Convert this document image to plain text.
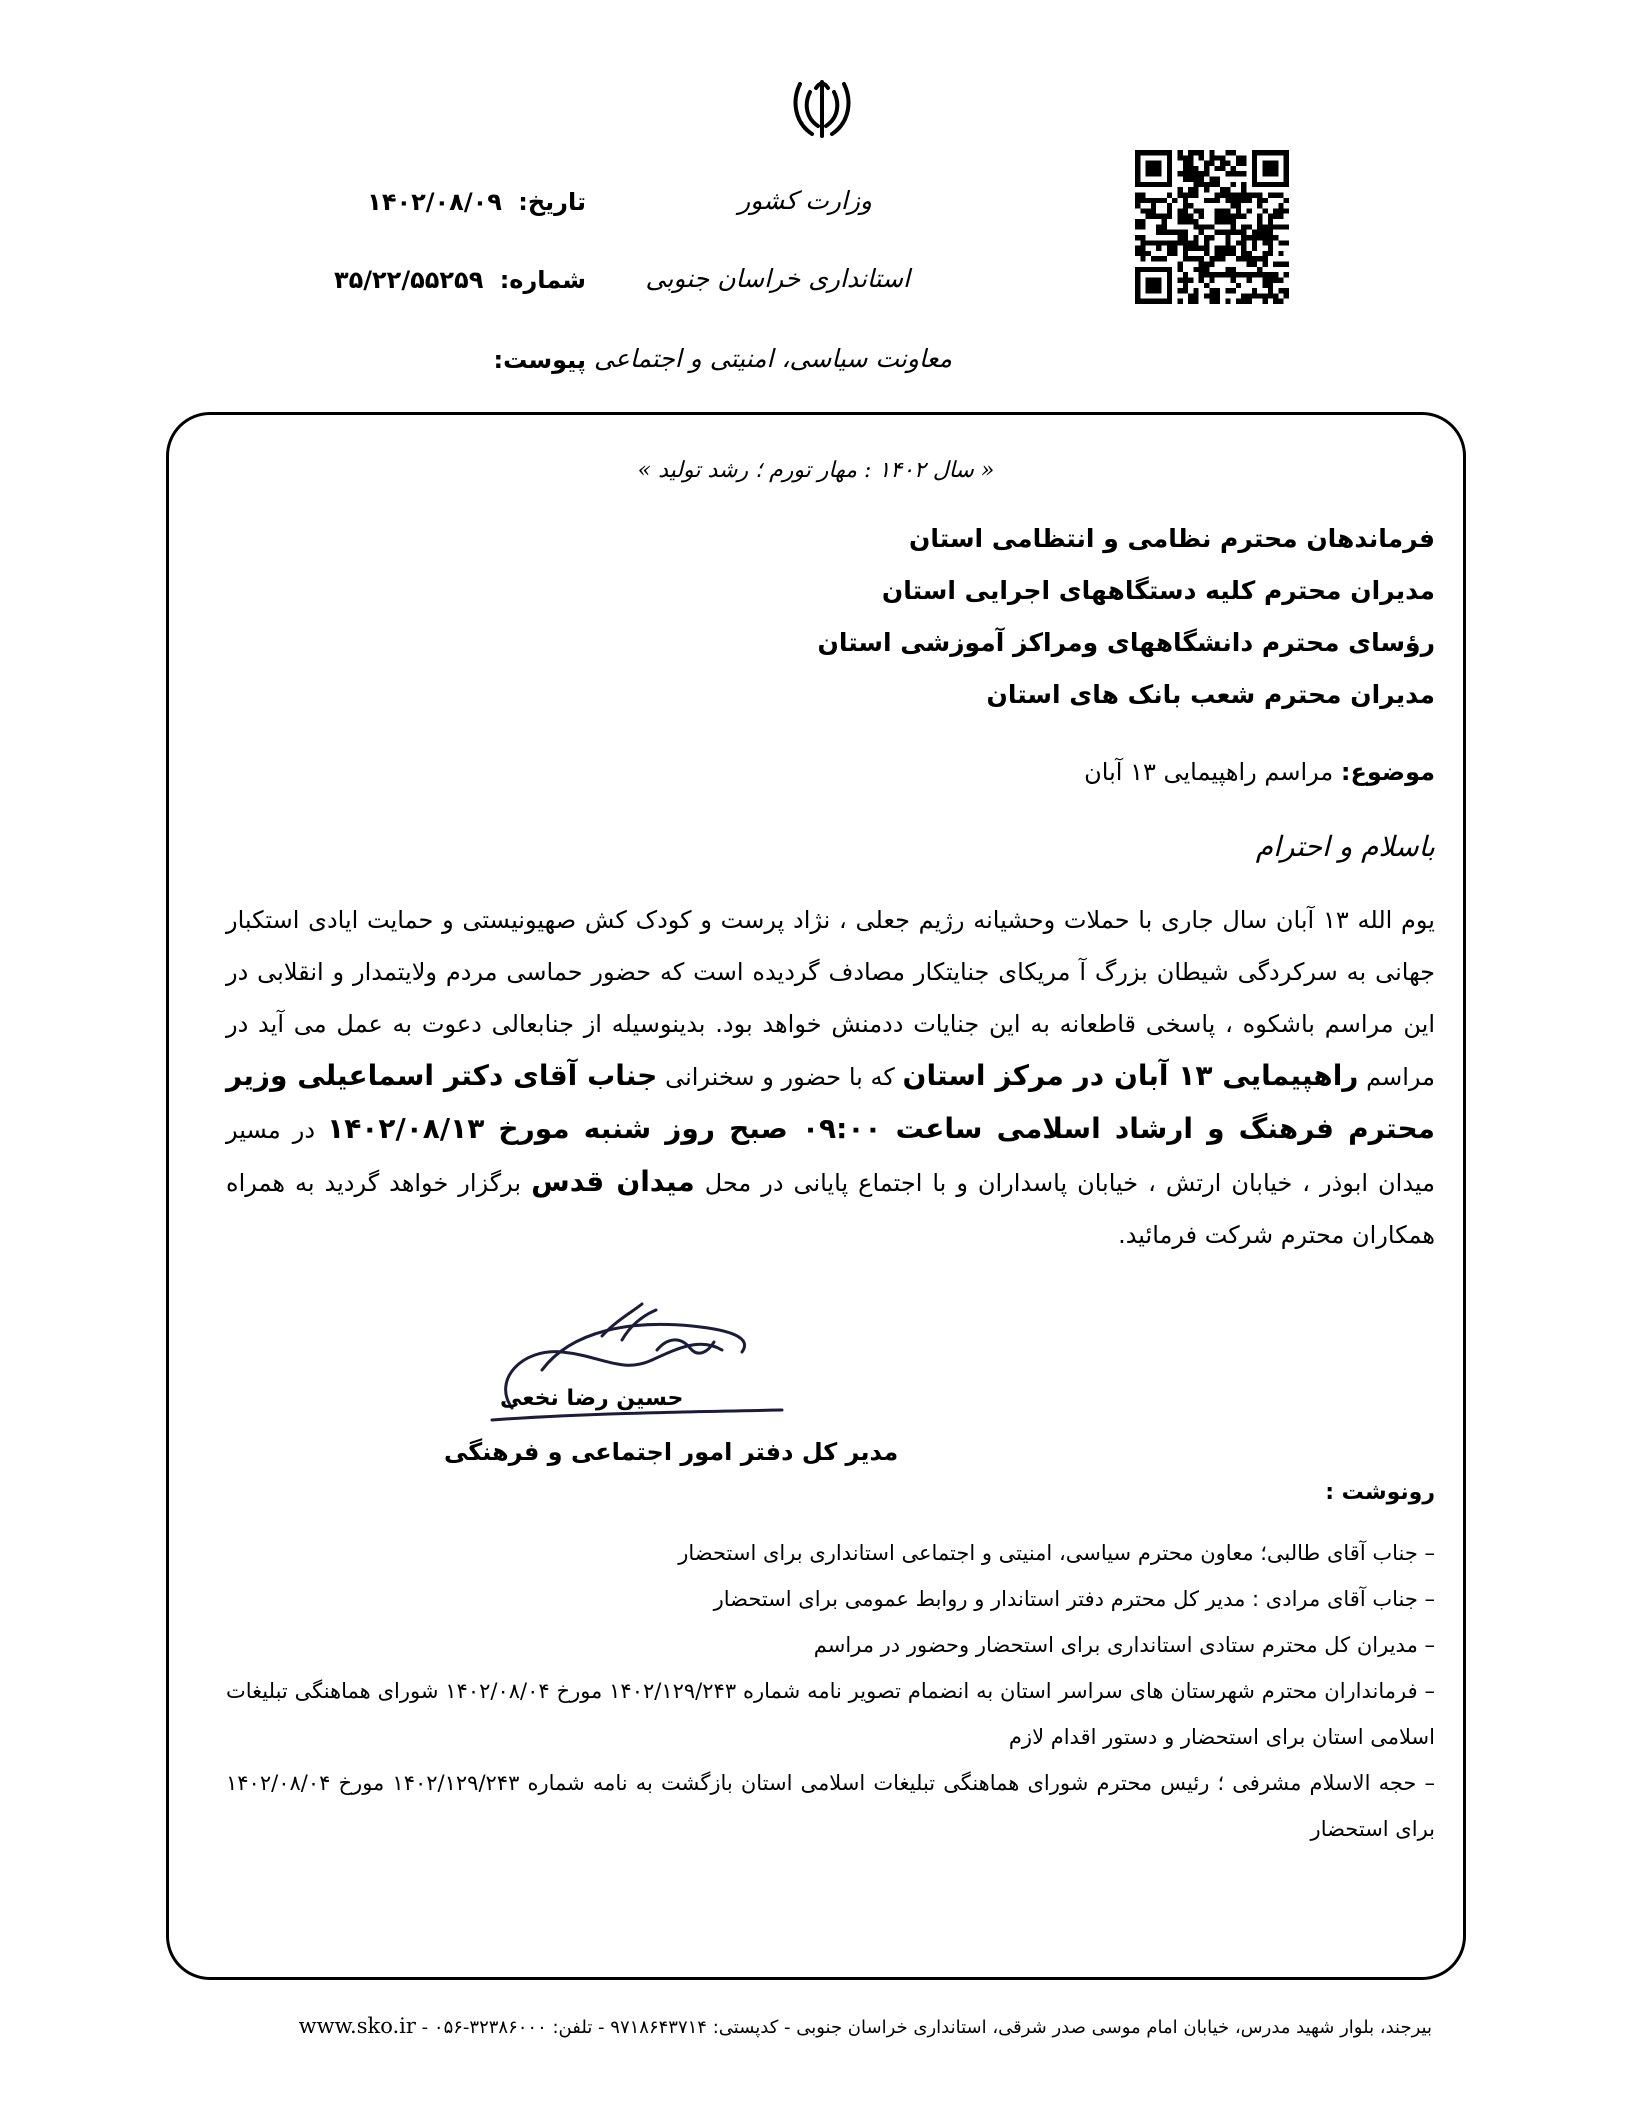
وزارت کشور
استانداری خراسان جنوبی
معاونت سیاسی، امنیتی و اجتماعی
تاریخ: ۱۴۰۲/۰۸/۰۹
شماره: ۳۵/۲۲/۵۵۲۵۹
پیوست:
« سال ۱۴۰۲ : مهار تورم ؛ رشد تولید »
فرماندهان محترم نظامی و انتظامی استان
مدیران محترم کلیه دستگاههای اجرایی استان
رؤسای محترم دانشگاههای ومراکز آموزشی استان
مدیران محترم شعب بانک های استان
موضوع: مراسم راهپیمایی ۱۳ آبان
باسلام و احترام
یوم الله ۱۳ آبان سال جاری با حملات وحشیانه رژیم جعلی ، نژاد پرست و کودک کش صهیونیستی و حمایت ایادی استکبار جهانی به سرکردگی شیطان بزرگ آ مریکای جنایتکار مصادف گردیده است که حضور حماسی مردم ولایتمدار و انقلابی در این مراسم باشکوه ، پاسخی قاطعانه به این جنایات ددمنش خواهد بود. بدینوسیله از جنابعالی دعوت به عمل می آید در مراسم راهپیمایی ۱۳ آبان در مرکز استان که با حضور و سخنرانی جناب آقای دکتر اسماعیلی وزیر محترم فرهنگ و ارشاد اسلامی ساعت ۰۹:۰۰ صبح روز شنبه مورخ ۱۴۰۲/۰۸/۱۳ در مسیر میدان ابوذر ، خیابان ارتش ، خیابان پاسداران و با اجتماع پایانی در محل میدان قدس برگزار خواهد گردید به همراه همکاران محترم شرکت فرمائید.
حسین رضا نخعی
مدیر کل دفتر امور اجتماعی و فرهنگی
رونوشت :
– جناب آقای طالبی؛ معاون محترم سیاسی، امنیتی و اجتماعی استانداری برای استحضار
– جناب آقای مرادی : مدیر کل محترم دفتر استاندار و روابط عمومی برای استحضار
– مدیران کل محترم ستادی استانداری برای استحضار وحضور در مراسم
– فرمانداران محترم شهرستان های سراسر استان به انضمام تصویر نامه شماره ۱۴۰۲/۱۲۹/۲۴۳ مورخ ۱۴۰۲/۰۸/۰۴ شورای هماهنگی تبلیغات اسلامی استان برای استحضار و دستور اقدام لازم
– حجه الاسلام مشرفی ؛ رئیس محترم شورای هماهنگی تبلیغات اسلامی استان بازگشت به نامه شماره ۱۴۰۲/۱۲۹/۲۴۳ مورخ ۱۴۰۲/۰۸/۰۴ برای استحضار
بیرجند، بلوار شهید مدرس، خیابان امام موسی صدر شرقی، استانداری خراسان جنوبی - کدپستی: ۹۷۱۸۶۴۳۷۱۴ - تلفن: ۳۲۳۸۶۰۰۰-۰۵۶ - www.sko.ir
